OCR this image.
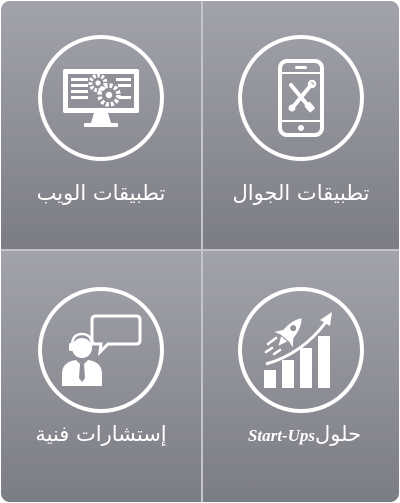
تطبيقات الويب	تطبيقات الجوال
إستشارات فنية	حلولStart-Ups
